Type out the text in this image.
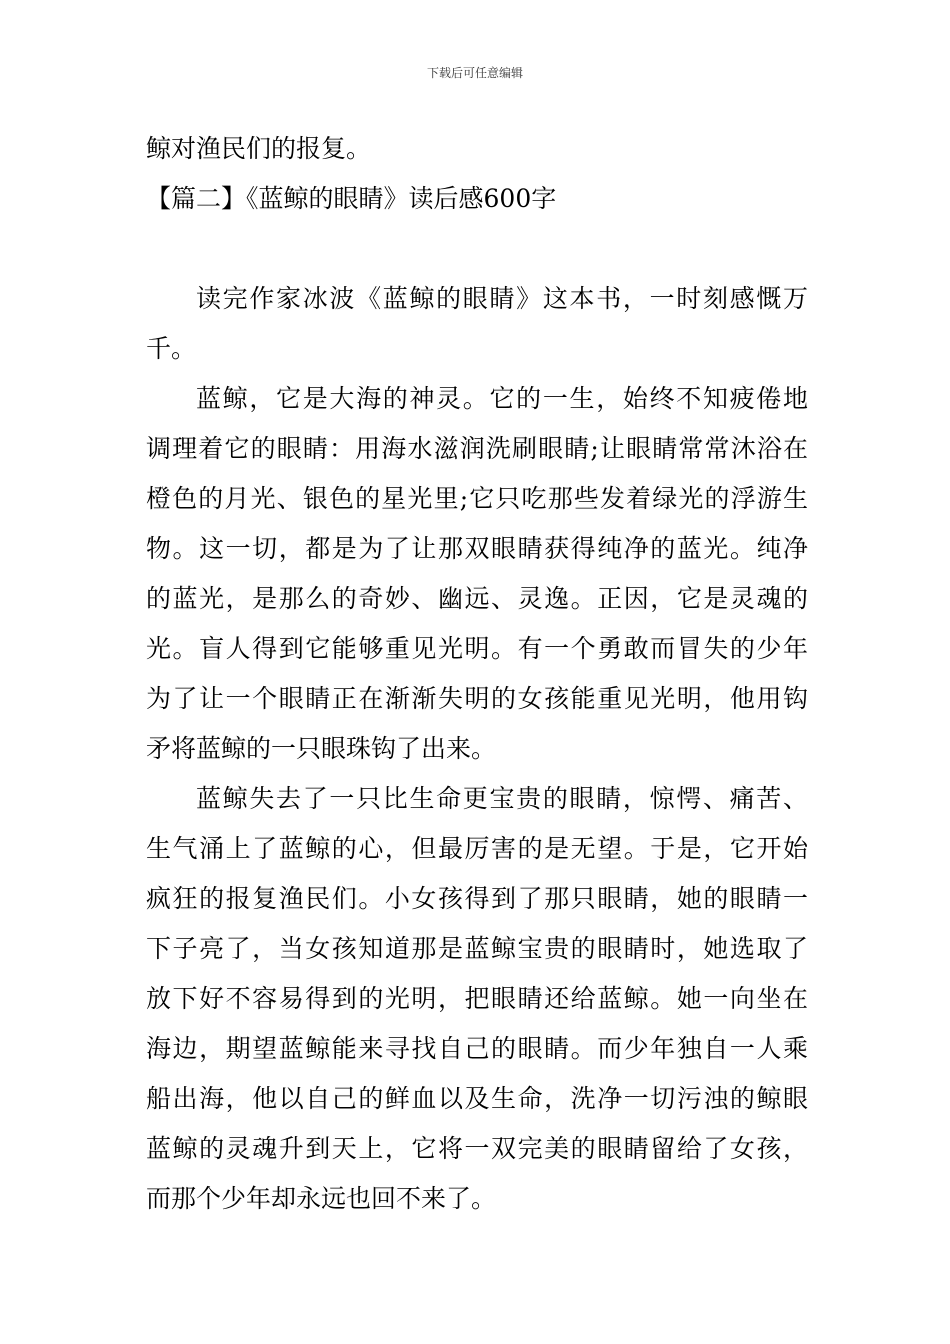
下载后可任意编辑
鲸对渔民们的报复。
【篇二】《蓝鲸的眼睛》读后感600字
读完作家冰波《蓝鲸的眼睛》这本书，一时刻感慨万
千。
蓝鲸，它是大海的神灵。它的一生，始终不知疲倦地
调理着它的眼睛：用海水滋润洗刷眼睛;让眼睛常常沐浴在
橙色的月光、银色的星光里;它只吃那些发着绿光的浮游生
物。这一切，都是为了让那双眼睛获得纯净的蓝光。纯净
的蓝光，是那么的奇妙、幽远、灵逸。正因，它是灵魂的
光。盲人得到它能够重见光明。有一个勇敢而冒失的少年
为了让一个眼睛正在渐渐失明的女孩能重见光明，他用钩
矛将蓝鲸的一只眼珠钩了出来。
蓝鲸失去了一只比生命更宝贵的眼睛，惊愕、痛苦、
生气涌上了蓝鲸的心，但最厉害的是无望。于是，它开始
疯狂的报复渔民们。小女孩得到了那只眼睛，她的眼睛一
下子亮了，当女孩知道那是蓝鲸宝贵的眼睛时，她选取了
放下好不容易得到的光明，把眼睛还给蓝鲸。她一向坐在
海边，期望蓝鲸能来寻找自己的眼睛。而少年独自一人乘
船出海，他以自己的鲜血以及生命，洗净一切污浊的鲸眼
蓝鲸的灵魂升到天上，它将一双完美的眼睛留给了女孩，
而那个少年却永远也回不来了。
